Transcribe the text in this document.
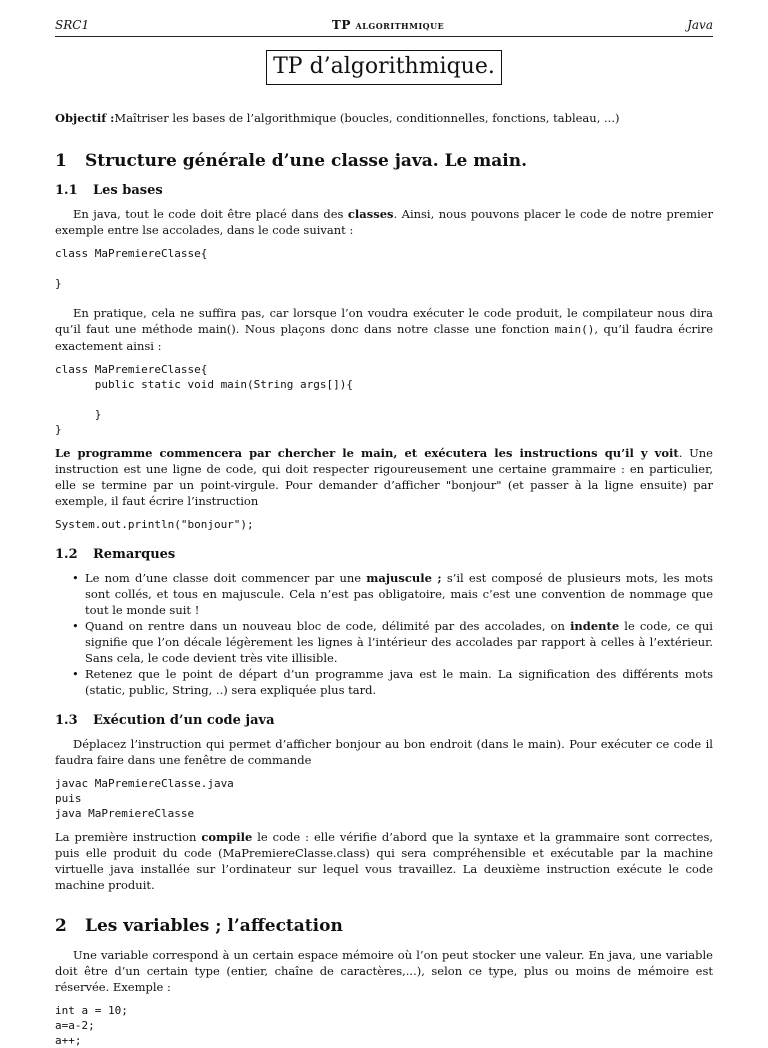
SRC1	TP algorithmique	Java
TP d’algorithmique.

Objectif :Maîtriser les bases de l’algorithmique (boucles, conditionnelles, fonctions, tableau, ...)

1 Structure générale d’une classe java. Le main.
1.1 Les bases

En java, tout le code doit être placé dans des classes. Ainsi, nous pouvons placer le code de notre premier exemple entre lse accolades, dans le code suivant :

class MaPremiereClasse{

}

En pratique, cela ne suffira pas, car lorsque l’on voudra exécuter le code produit, le compilateur nous dira qu’il faut une méthode main(). Nous plaçons donc dans notre classe une fonction main(), qu’il faudra écrire exactement ainsi :

class MaPremiereClasse{
public static void main(String args[]){

}
}

Le programme commencera par chercher le main, et exécutera les instructions qu’il y voit. Une instruction est une ligne de code, qui doit respecter rigoureusement une certaine grammaire : en particulier, elle se termine par un point-virgule. Pour demander d’afficher "bonjour" (et passer à la ligne ensuite) par exemple, il faut écrire l’instruction

System.out.println("bonjour");
1.2 Remarques
• Le nom d’une classe doit commencer par une majuscule ; s’il est composé de plusieurs mots, les mots sont collés, et tous en majuscule. Cela n’est pas obligatoire, mais c’est une convention de nommage que tout le monde suit !
• Quand on rentre dans un nouveau bloc de code, délimité par des accolades, on indente le code, ce qui signifie que l’on décale légèrement les lignes à l’intérieur des accolades par rapport à celles à l’extérieur. Sans cela, le code devient très vite illisible.
• Retenez que le point de départ d’un programme java est le main. La signification des différents mots (static, public, String, ..) sera expliquée plus tard.
1.3 Exécution d’un code java

Déplacez l’instruction qui permet d’afficher bonjour au bon endroit (dans le main). Pour exécuter ce code il faudra faire dans une fenêtre de commande

javac MaPremiereClasse.java
puis
java MaPremiereClasse

La première instruction compile le code : elle vérifie d’abord que la syntaxe et la grammaire sont correctes, puis elle produit du code (MaPremiereClasse.class) qui sera compréhensible et exécutable par la machine virtuelle java installée sur l’ordinateur sur lequel vous travaillez. La deuxième instruction exécute le code machine produit.

2 Les variables ; l’affectation

Une variable correspond à un certain espace mémoire où l’on peut stocker une valeur. En java, une variable doit être d’un certain type (entier, chaîne de caractères,...), selon ce type, plus ou moins de mémoire est réservée. Exemple :

int a = 10;
a=a-2;
a++;
